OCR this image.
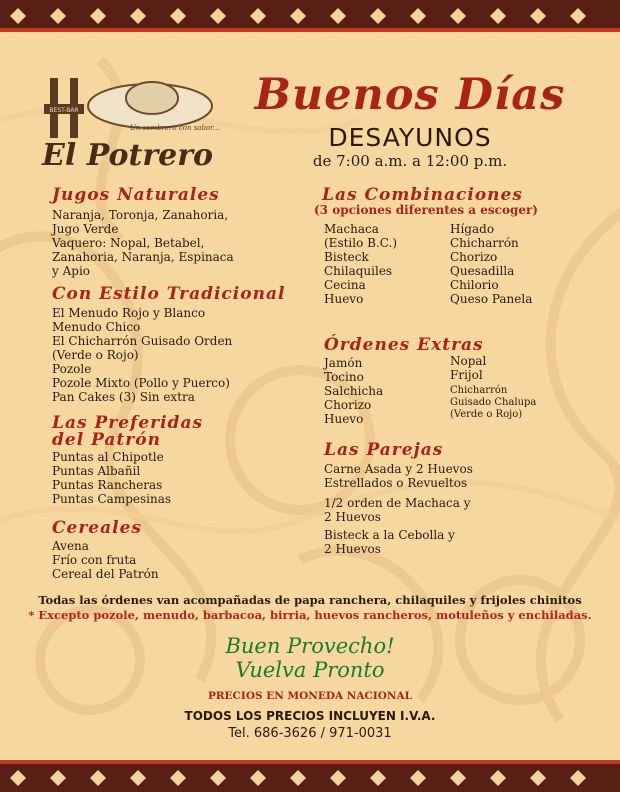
BEST-BAR
Un sombrero con sabor...!
El Potrero
Buenos Días
DESAYUNOS
de 7:00 a.m. a 12:00 p.m.
Jugos Naturales
Naranja, Toronja, Zanahoria,
Jugo Verde
Vaquero: Nopal, Betabel,
Zanahoria, Naranja, Espinaca
y Apio
Con Estilo Tradicional
El Menudo Rojo y Blanco
Menudo Chico
El Chicharrón Guisado Orden
(Verde o Rojo)
Pozole
Pozole Mixto (Pollo y Puerco)
Pan Cakes (3) Sin extra
Las Preferidas
del Patrón
Puntas al Chipotle
Puntas Albañil
Puntas Rancheras
Puntas Campesinas
Cereales
Avena
Frío con fruta
Cereal del Patrón
Las Combinaciones
(3 opciones diferentes a escoger)
Machaca
(Estilo B.C.)
Bisteck
Chilaquiles
Cecina
Huevo
Hígado
Chicharrón
Chorizo
Quesadilla
Chilorio
Queso Panela
Órdenes Extras
Jamón
Tocino
Salchicha
Chorizo
Huevo
Nopal
Frijol
Chicharrón
Guisado Chalupa
(Verde o Rojo)
Las Parejas
Carne Asada y 2 Huevos
Estrellados o Revueltos
1/2 orden de Machaca y
2 Huevos
Bisteck a la Cebolla y
2 Huevos
Todas las órdenes van acompañadas de papa ranchera, chilaquiles y frijoles chinitos
* Excepto pozole, menudo, barbacoa, birria, huevos rancheros, motuleños y enchiladas.
Buen Provecho!
Vuelva Pronto
PRECIOS EN MONEDA NACIONAL
TODOS LOS PRECIOS INCLUYEN I.V.A.
Tel. 686-3626 / 971-0031
